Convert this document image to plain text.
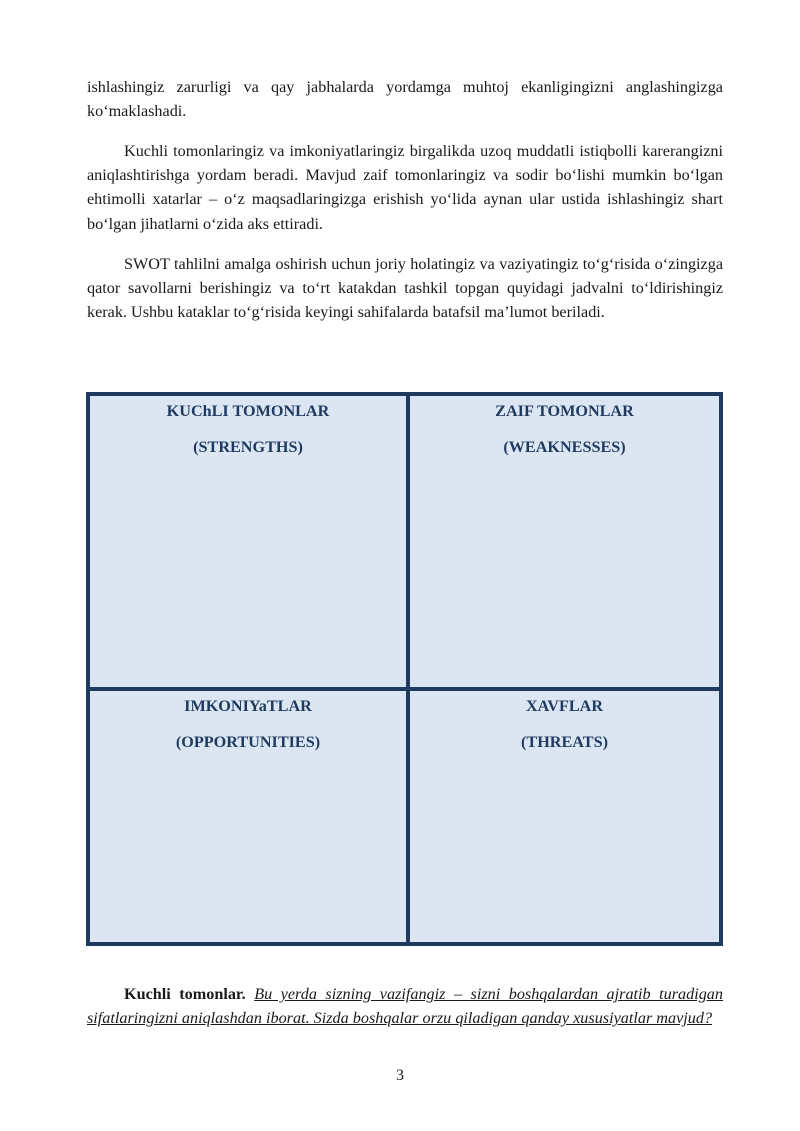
ishlashingiz zarurligi va qay jabhalarda yordamga muhtoj ekanligingizni anglashingizga ko‘maklashadi.

Kuchli tomonlaringiz va imkoniyatlaringiz birgalikda uzoq muddatli istiqbolli karerangizni aniqlashtirishga yordam beradi. Mavjud zaif tomonlaringiz va sodir bo‘lishi mumkin bo‘lgan ehtimolli xatarlar – o‘z maqsadlaringizga erishish yo‘lida aynan ular ustida ishlashingiz shart bo‘lgan jihatlarni o‘zida aks ettiradi.

SWOT tahlilni amalga oshirish uchun joriy holatingiz va vaziyatingiz to‘g‘risida o‘zingizga qator savollarni berishingiz va to‘rt katakdan tashkil topgan quyidagi jadvalni to‘ldirishingiz kerak. Ushbu kataklar to‘g‘risida keyingi sahifalarda batafsil ma’lumot beriladi.

KUChLI TOMONLAR
(STRENGTHS)
ZAIF TOMONLAR
(WEAKNESSES)
IMKONIYaTLAR
(OPPORTUNITIES)
XAVFLAR
(THREATS)

Kuchli tomonlar. Bu yerda sizning vazifangiz – sizni boshqalardan ajratib turadigan sifatlaringizni aniqlashdan iborat. Sizda boshqalar orzu qiladigan qanday xususiyatlar mavjud?

3
